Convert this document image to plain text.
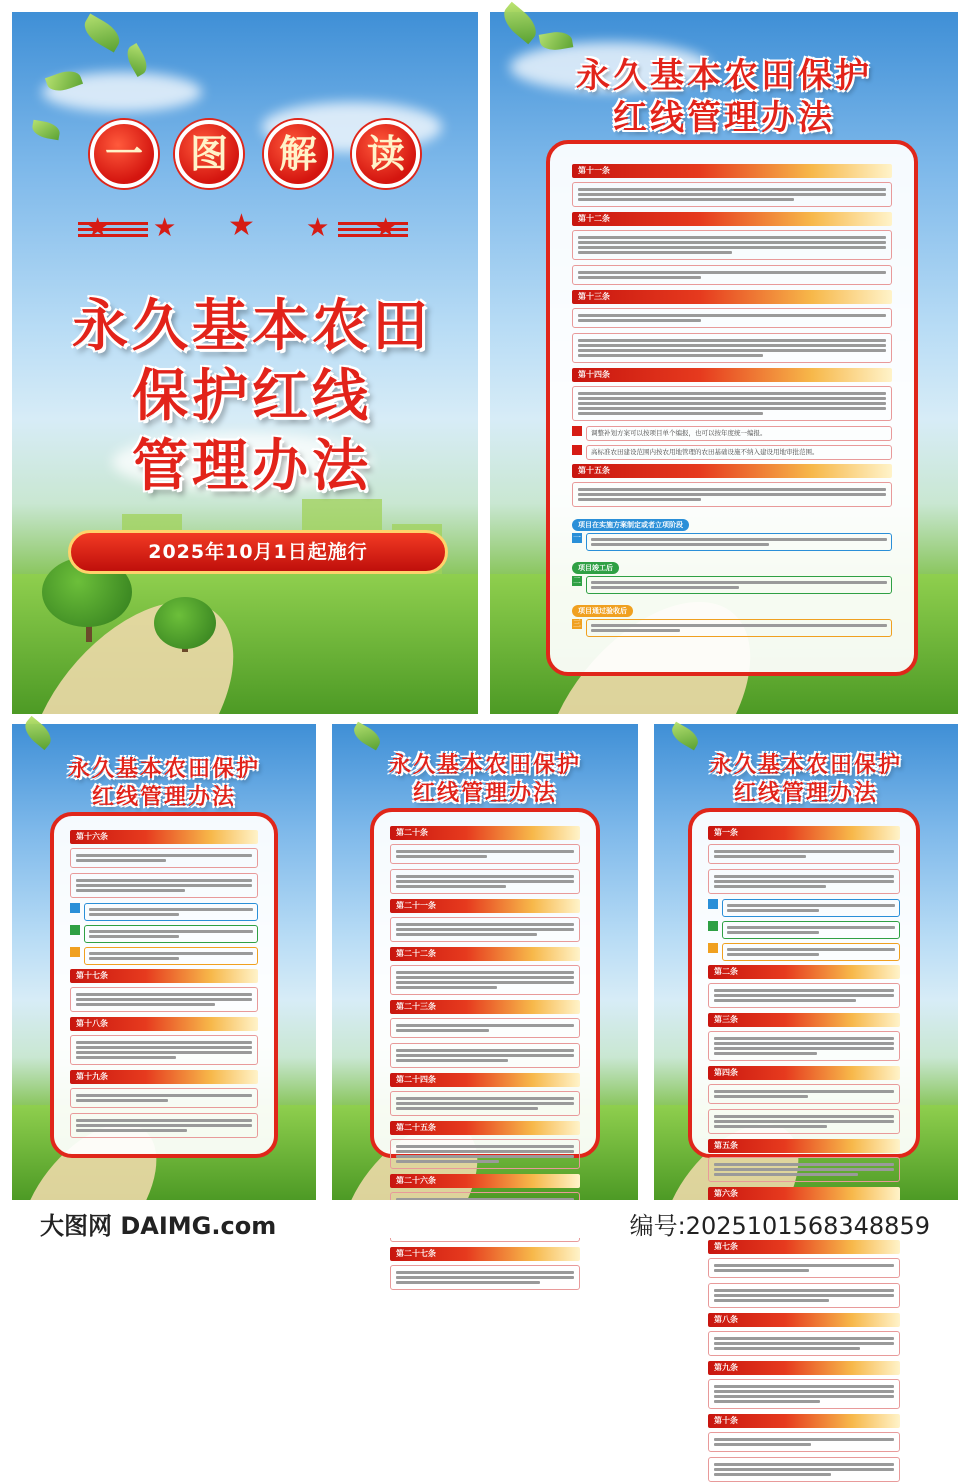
一	图	解	读
★ ★ ★ ★ ★
永久基本农田
保护红线
管理办法
2025年10月1日起施行
永久基本农田保护
红线管理办法
第十一条
第十二条
第十三条
第十四条
调整补划方案可以按项目单个编报，也可以按年度统一编报。
高标准农田建设范围内按农用地管理的农田基础设施不纳入建设用地审批范围。
第十五条
项目在实施方案制定或者立项阶段
一
项目竣工后
二
项目通过验收后
三
永久基本农田保护
红线管理办法
第十六条
第十七条
第十八条
第十九条
永久基本农田保护
红线管理办法
第二十条
第二十一条
第二十二条
第二十三条
第二十四条
第二十五条
第二十六条
第二十七条
永久基本农田保护
红线管理办法
第一条
第二条
第三条
第四条
第五条
第六条
第七条
第八条
第九条
第十条
大图网 DAIMG.com	编号:2025101568348859
